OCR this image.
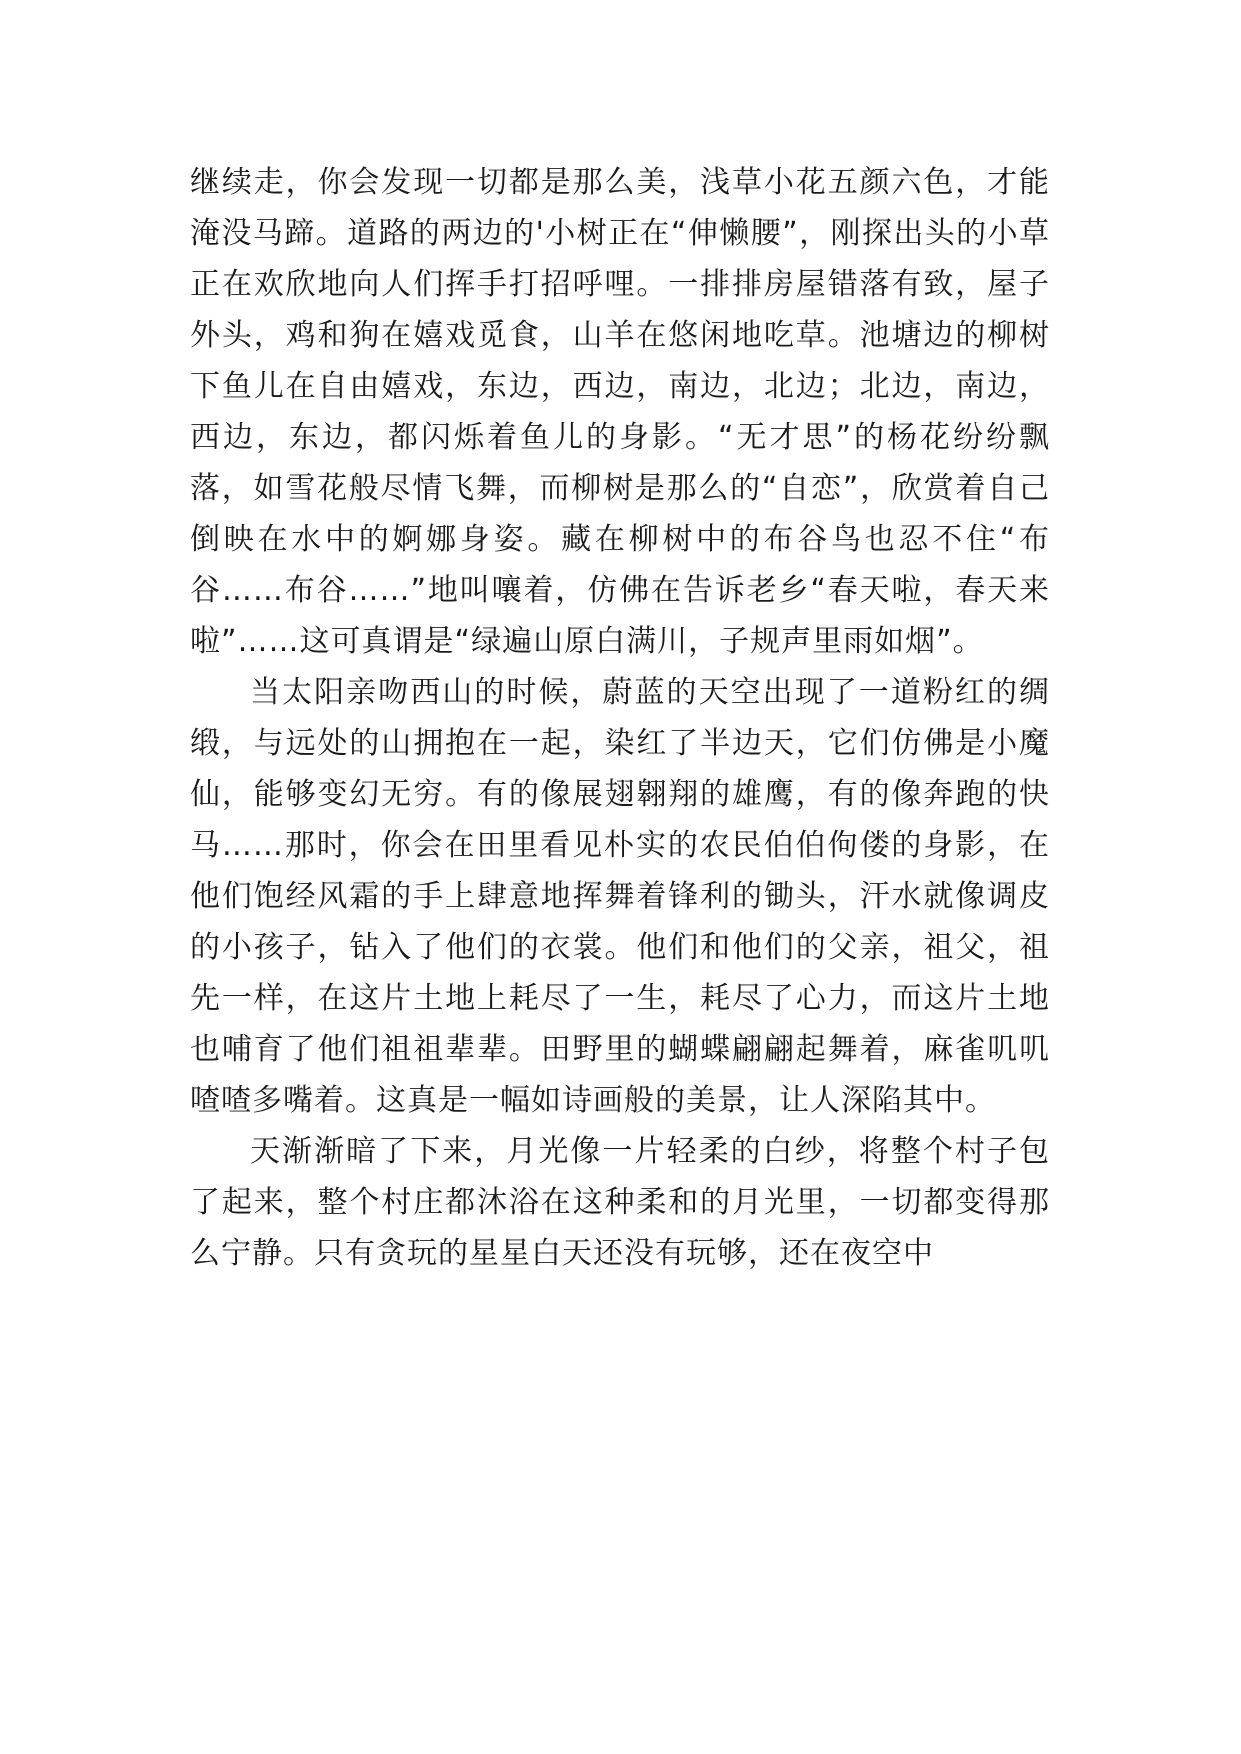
继续走，你会发现一切都是那么美，浅草小花五颜六色，才能淹没马蹄。道路的两边的'小树正在“伸懒腰”，刚探出头的小草正在欢欣地向人们挥手打招呼哩。一排排房屋错落有致，屋子外头，鸡和狗在嬉戏觅食，山羊在悠闲地吃草。池塘边的柳树下鱼儿在自由嬉戏，东边，西边，南边，北边；北边，南边，西边，东边，都闪烁着鱼儿的身影。“无才思”的杨花纷纷飘落，如雪花般尽情飞舞，而柳树是那么的“自恋”，欣赏着自己倒映在水中的婀娜身姿。藏在柳树中的布谷鸟也忍不住“布谷……布谷……”地叫嚷着，仿佛在告诉老乡“春天啦，春天来啦”……这可真谓是“绿遍山原白满川，子规声里雨如烟”。

当太阳亲吻西山的时候，蔚蓝的天空出现了一道粉红的绸缎，与远处的山拥抱在一起，染红了半边天，它们仿佛是小魔仙，能够变幻无穷。有的像展翅翱翔的雄鹰，有的像奔跑的快马……那时，你会在田里看见朴实的农民伯伯佝偻的身影，在他们饱经风霜的手上肆意地挥舞着锋利的锄头，汗水就像调皮的小孩子，钻入了他们的衣裳。他们和他们的父亲，祖父，祖先一样，在这片土地上耗尽了一生，耗尽了心力，而这片土地也哺育了他们祖祖辈辈。田野里的蝴蝶翩翩起舞着，麻雀叽叽喳喳多嘴着。这真是一幅如诗画般的美景，让人深陷其中。

天渐渐暗了下来，月光像一片轻柔的白纱，将整个村子包了起来，整个村庄都沐浴在这种柔和的月光里，一切都变得那么宁静。只有贪玩的星星白天还没有玩够，还在夜空中
